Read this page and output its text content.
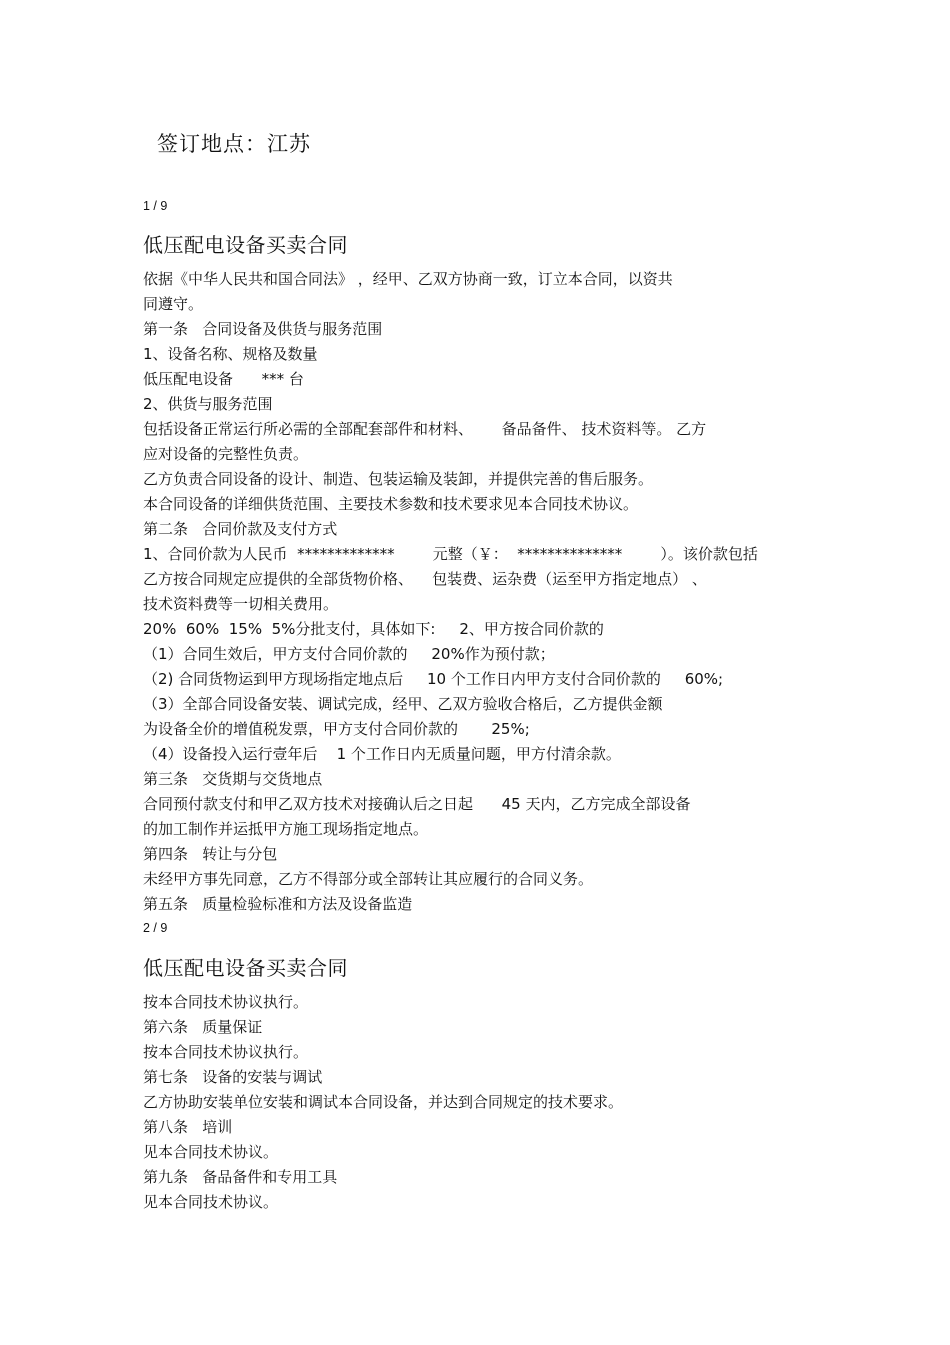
签订地点：江苏
1 / 9
低压配电设备买卖合同
依据《中华人民共和国合同法》 ，经甲、乙双方协商一致，订立本合同，以资共
同遵守。
第一条   合同设备及供货与服务范围
1、设备名称、规格及数量
低压配电设备      *** 台
2、供货与服务范围
包括设备正常运行所必需的全部配套部件和材料、      备品备件、 技术资料等。 乙方
应对设备的完整性负责。
乙方负责合同设备的设计、制造、包装运输及装卸，并提供完善的售后服务。
本合同设备的详细供货范围、主要技术参数和技术要求见本合同技术协议。
第二条   合同价款及支付方式
1、合同价款为人民币  *************        元整（￥：  **************        ）。该价款包括
乙方按合同规定应提供的全部货物价格、    包装费、运杂费（运至甲方指定地点） 、
技术资料费等一切相关费用。
20%  60%  15%  5%分批支付，具体如下:     2、甲方按合同价款的
（1）合同生效后，甲方支付合同价款的     20%作为预付款；
（2) 合同货物运到甲方现场指定地点后     10 个工作日内甲方支付合同价款的     60%;
（3）全部合同设备安装、调试完成，经甲、乙双方验收合格后，乙方提供金额
为设备全价的增值税发票，甲方支付合同价款的       25%;
（4）设备投入运行壹年后    1 个工作日内无质量问题，甲方付清余款。
第三条   交货期与交货地点
合同预付款支付和甲乙双方技术对接确认后之日起      45 天内，乙方完成全部设备
的加工制作并运抵甲方施工现场指定地点。
第四条   转让与分包
未经甲方事先同意，乙方不得部分或全部转让其应履行的合同义务。
第五条   质量检验标准和方法及设备监造
2 / 9
低压配电设备买卖合同
按本合同技术协议执行。
第六条   质量保证
按本合同技术协议执行。
第七条   设备的安装与调试
乙方协助安装单位安装和调试本合同设备，并达到合同规定的技术要求。
第八条   培训
见本合同技术协议。
第九条   备品备件和专用工具
见本合同技术协议。
